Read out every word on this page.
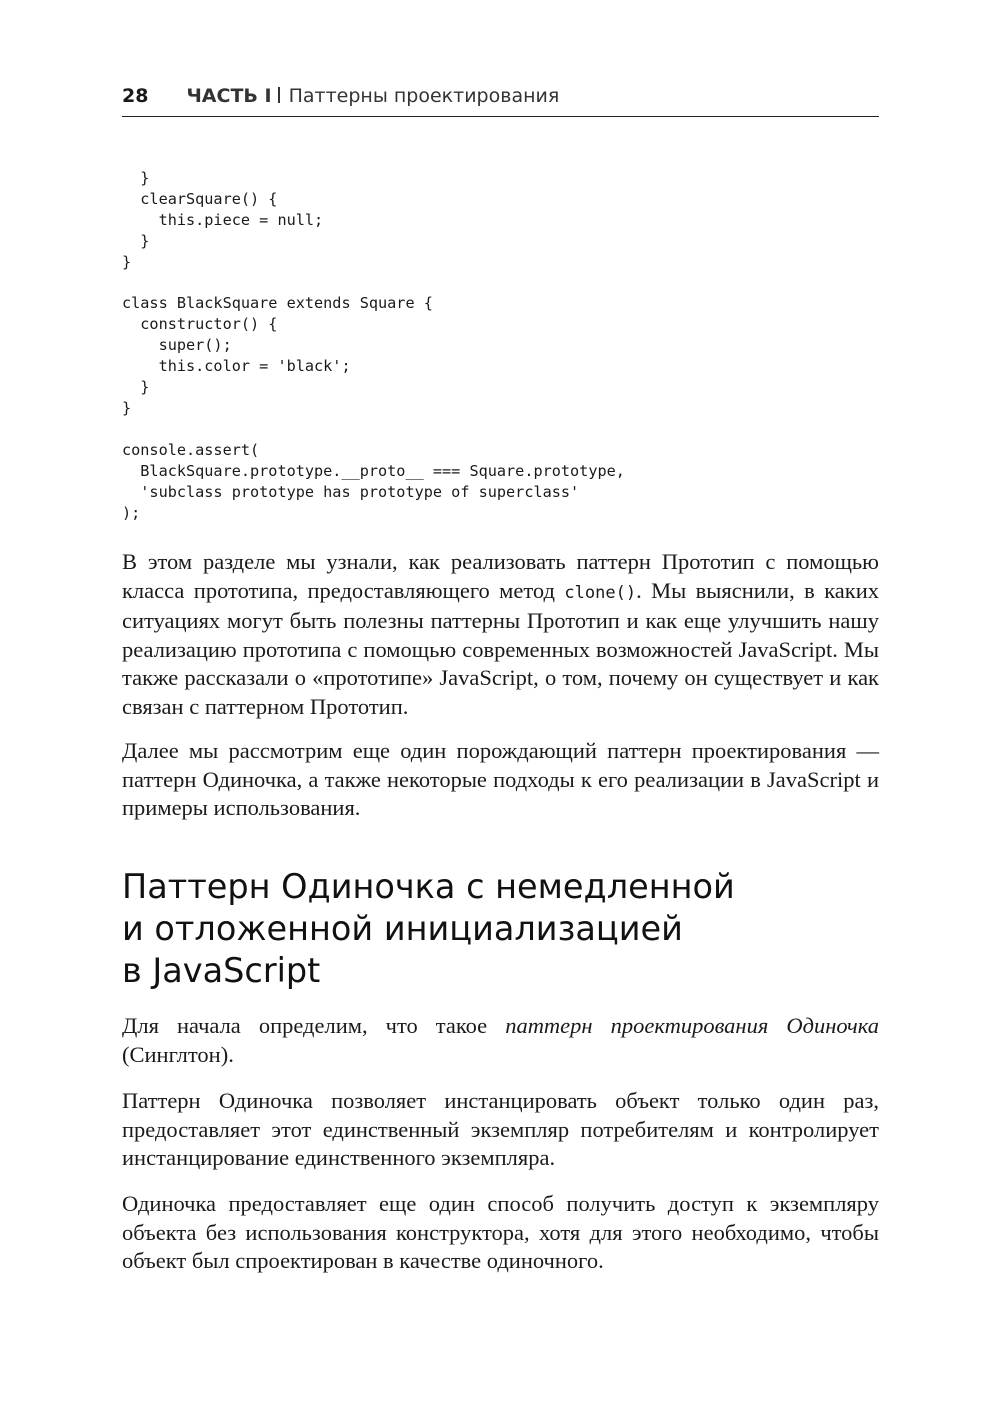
28 ЧАСТЬ I Паттерны проектирования
}
clearSquare() {
this.piece = null;
}
}

class BlackSquare extends Square {
constructor() {
super();
this.color = 'black';
}
}

console.assert(
BlackSquare.prototype.__proto__ === Square.prototype,
'subclass prototype has prototype of superclass'
);

В этом разделе мы узнали, как реализовать паттерн Прототип с помощью класса прототипа, предоставляющего метод clone(). Мы выяснили, в каких ситуациях могут быть полезны паттерны Прототип и как еще улучшить нашу реализацию прототипа с помощью современных возможностей JavaScript. Мы также рассказали о «прототипе» JavaScript, о том, почему он существует и как связан с паттерном Прототип.

Далее мы рассмотрим еще один порождающий паттерн проектирования — паттерн Одиночка, а также некоторые подходы к его реализации в JavaScript и примеры использования.

Паттерн Одиночка с немедленной
и отложенной инициализацией
в JavaScript

Для начала определим, что такое паттерн проектирования Одиночка (Синглтон).

Паттерн Одиночка позволяет инстанцировать объект только один раз, предоставляет этот единственный экземпляр потребителям и контролирует инстанцирование единственного экземпляра.

Одиночка предоставляет еще один способ получить доступ к экземпляру объекта без использования конструктора, хотя для этого необходимо, чтобы объект был спроектирован в качестве одиночного.
